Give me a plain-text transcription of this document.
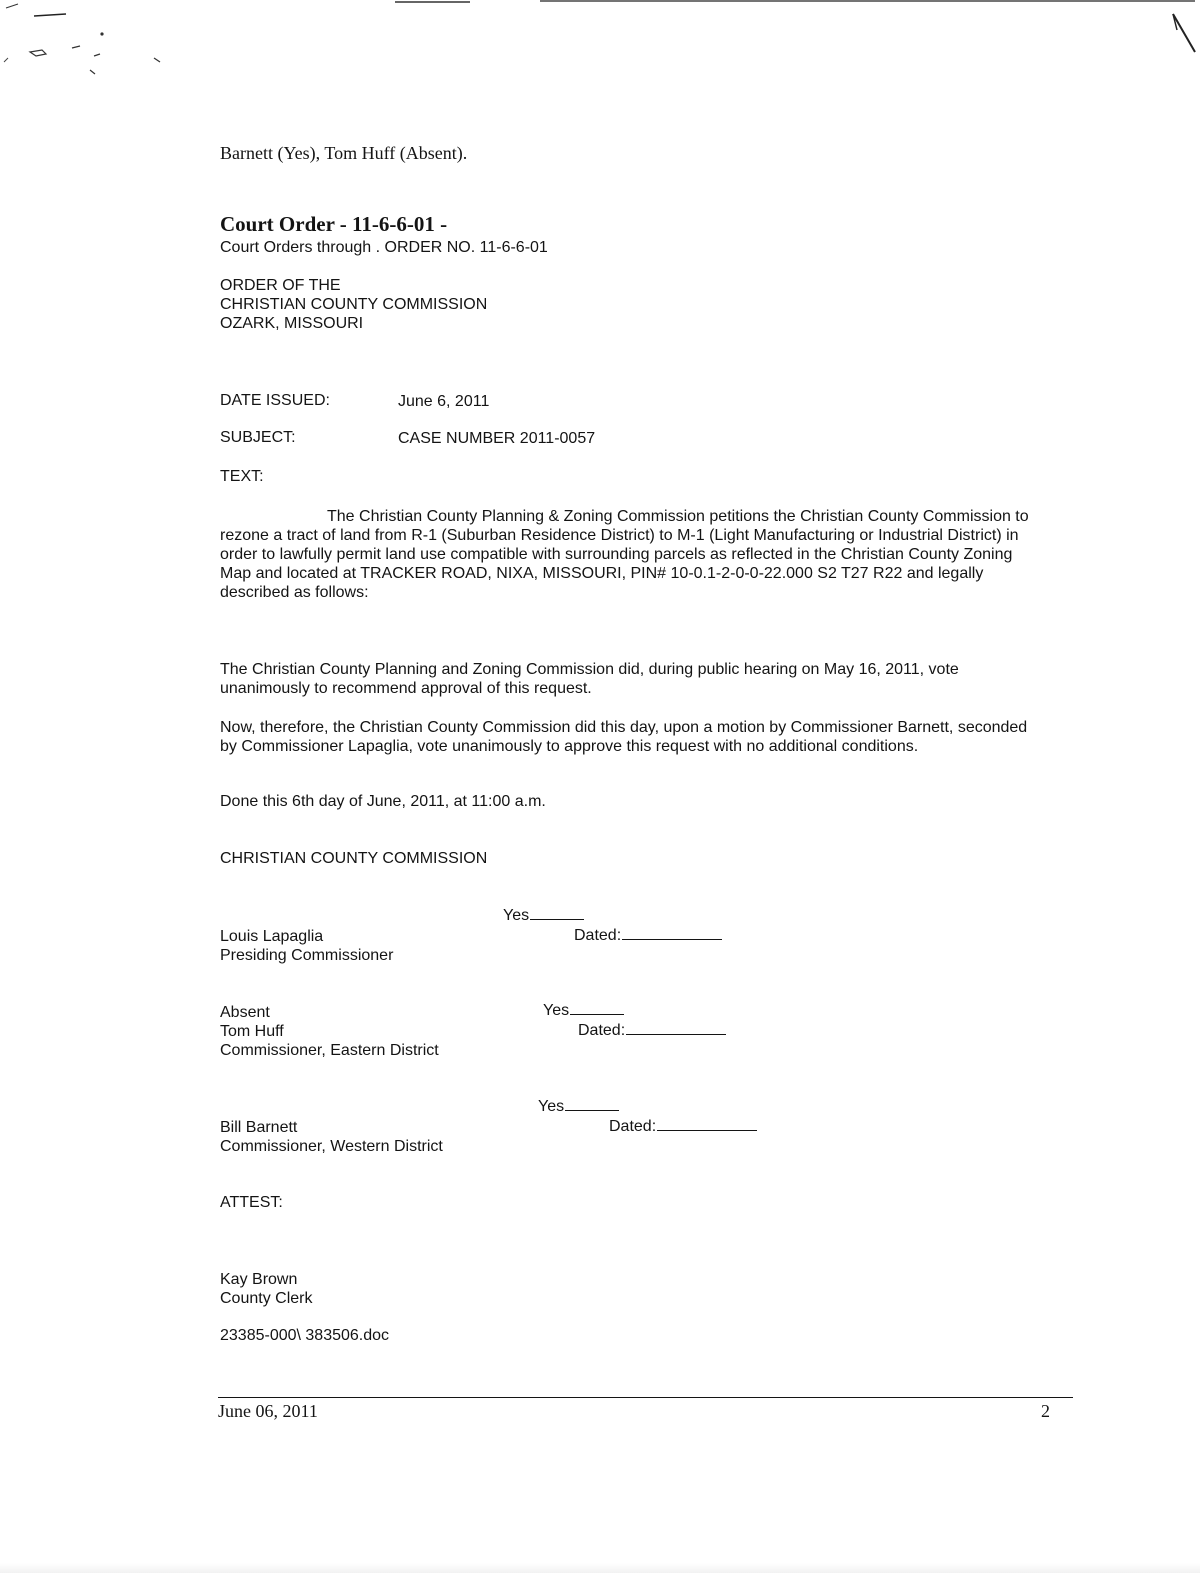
Barnett (Yes), Tom Huff (Absent).
Court Order - 11-6-6-01 -
Court Orders through . ORDER NO. 11-6-6-01
ORDER OF THE
CHRISTIAN COUNTY COMMISSION
OZARK, MISSOURI
DATE ISSUED:	June 6, 2011
SUBJECT:	CASE NUMBER 2011-0057
TEXT:
The Christian County Planning & Zoning Commission petitions the Christian County Commission to
rezone a tract of land from R-1 (Suburban Residence District) to M-1 (Light Manufacturing or Industrial District) in
order to lawfully permit land use compatible with surrounding parcels as reflected in the Christian County Zoning
Map and located at TRACKER ROAD, NIXA, MISSOURI, PIN# 10-0.1-2-0-0-22.000 S2 T27 R22 and legally
described as follows:
The Christian County Planning and Zoning Commission did, during public hearing on May 16, 2011, vote
unanimously to recommend approval of this request.
Now, therefore, the Christian County Commission did this day, upon a motion by Commissioner Barnett, seconded
by Commissioner Lapaglia, vote unanimously to approve this request with no additional conditions.
Done this 6th day of June, 2011, at 11:00 a.m.
CHRISTIAN COUNTY COMMISSION
Yes
Dated:
Louis Lapaglia
Presiding Commissioner
Yes
Dated:
Absent
Tom Huff
Commissioner, Eastern District
Yes
Dated:
Bill Barnett
Commissioner, Western District
ATTEST:
Kay Brown
County Clerk
23385-000\ 383506.doc
June 06, 2011	2
